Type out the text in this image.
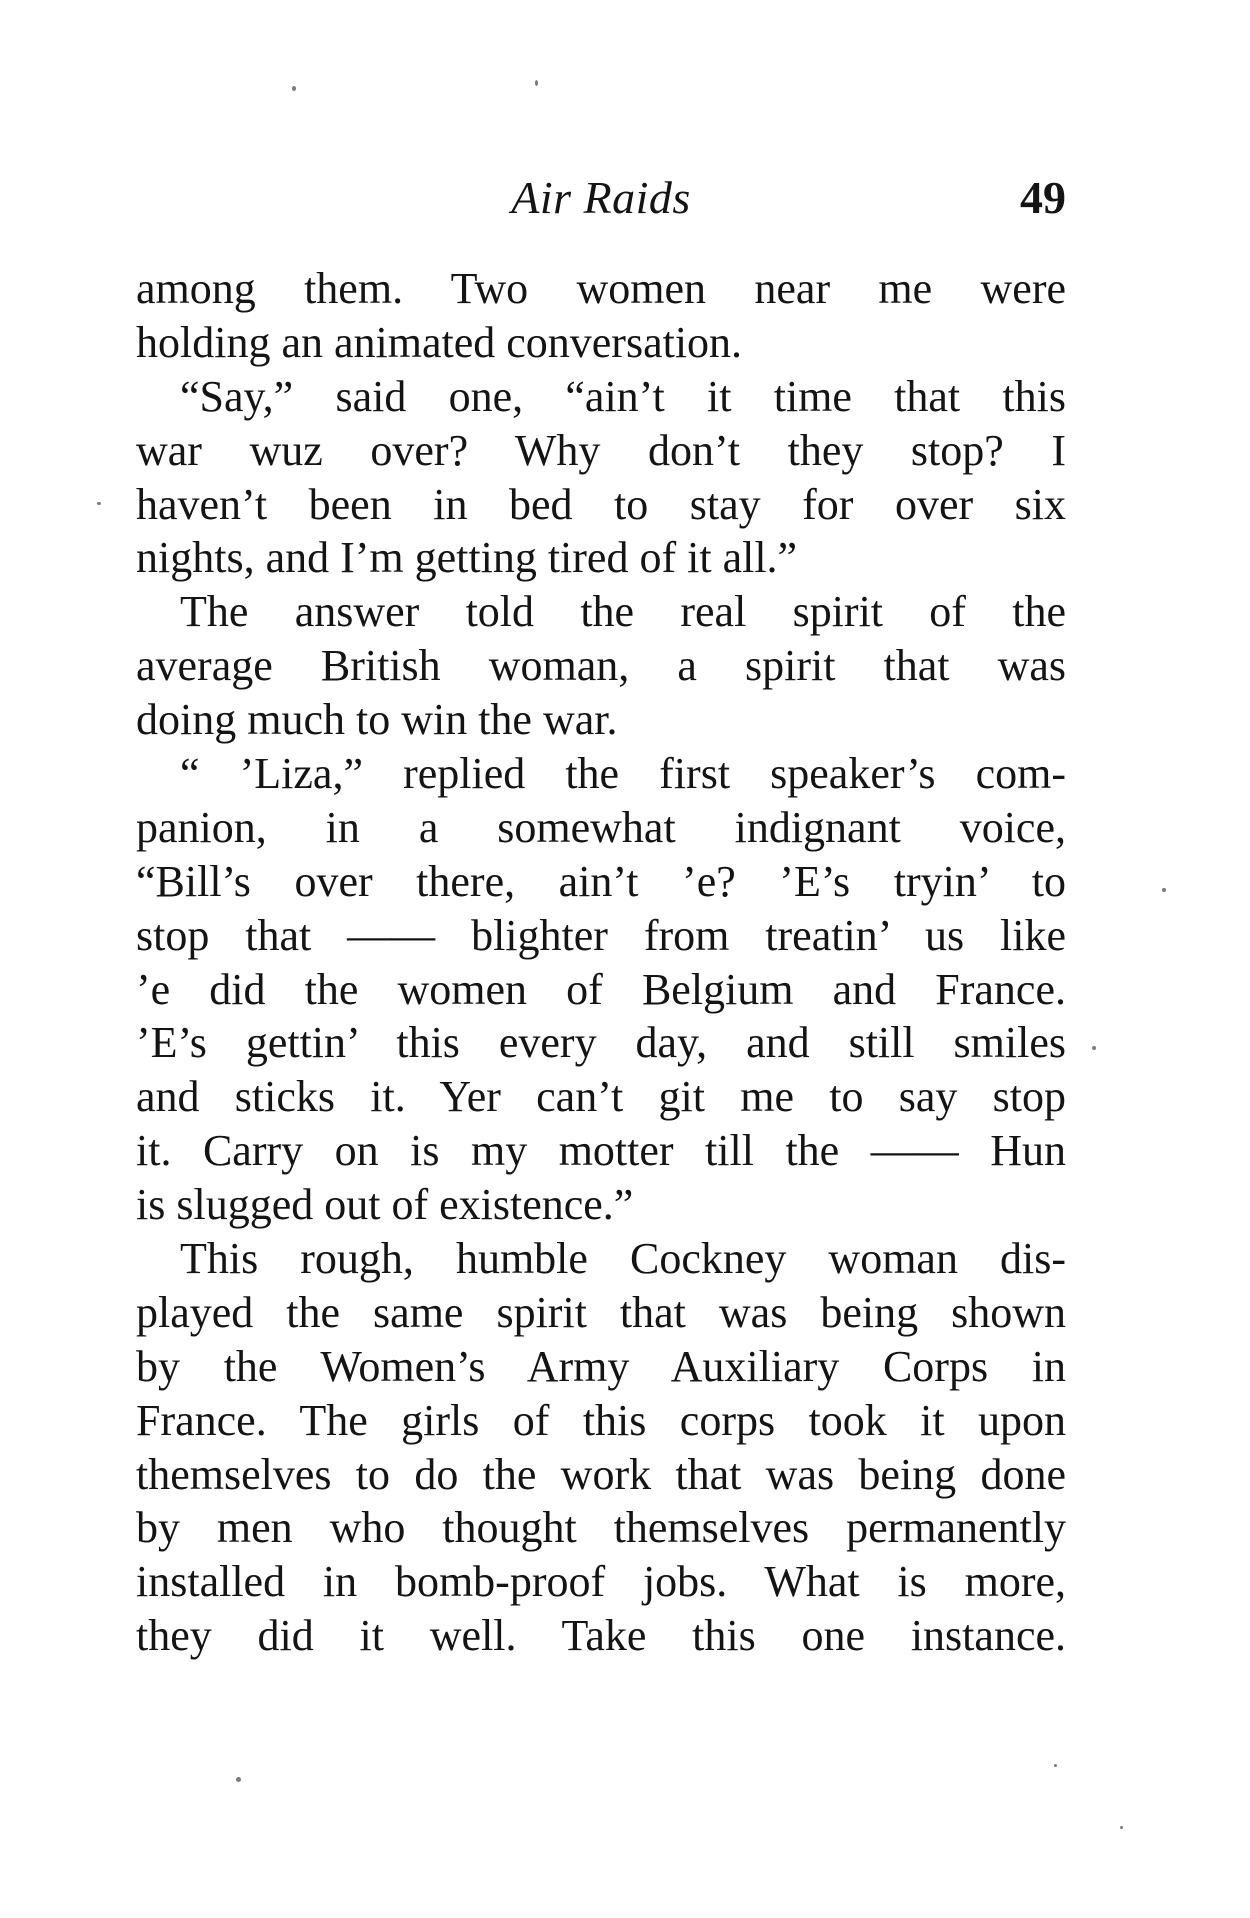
Air Raids	49
among them. Two women near me were
holding an animated conversation.
“Say,” said one, “ain’t it time that this
war wuz over? Why don’t they stop? I
haven’t been in bed to stay for over six
nights, and I’m getting tired of it all.”
The answer told the real spirit of the
average British woman, a spirit that was
doing much to win the war.
“ ’Liza,” replied the first speaker’s com-
panion, in a somewhat indignant voice,
“Bill’s over there, ain’t ’e? ’E’s tryin’ to
stop that —— blighter from treatin’ us like
’e did the women of Belgium and France.
’E’s gettin’ this every day, and still smiles
and sticks it. Yer can’t git me to say stop
it. Carry on is my motter till the —— Hun
is slugged out of existence.”
This rough, humble Cockney woman dis-
played the same spirit that was being shown
by the Women’s Army Auxiliary Corps in
France. The girls of this corps took it upon
themselves to do the work that was being done
by men who thought themselves permanently
installed in bomb-proof jobs. What is more,
they did it well. Take this one instance.
